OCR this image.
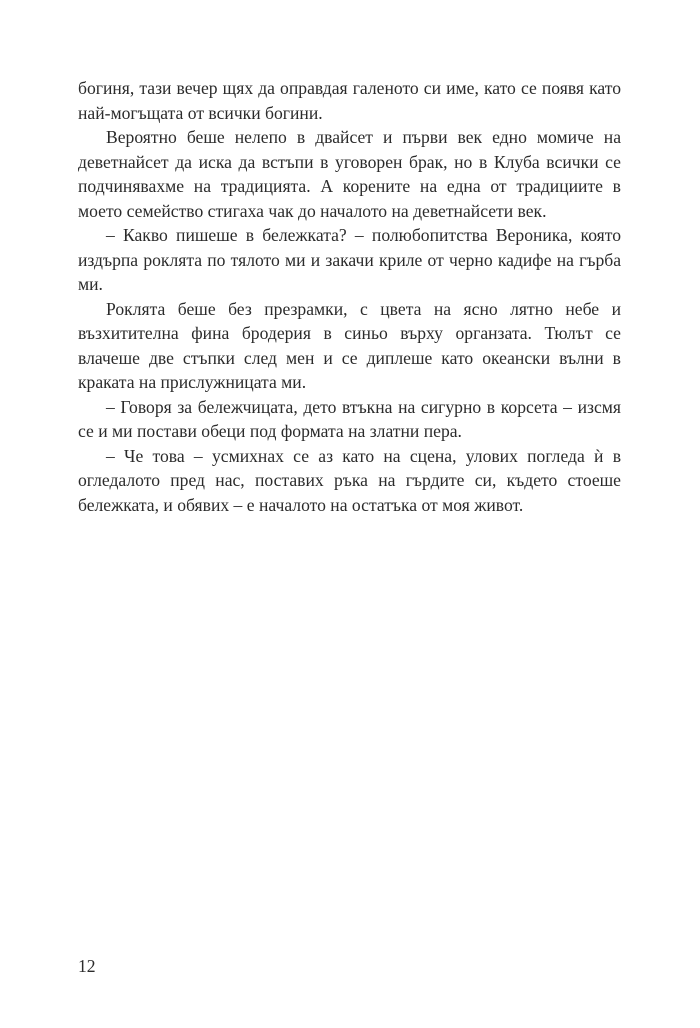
богиня, тази вечер щях да оправдая галеното си име, като се появя като най-могъщата от всички богини.

Вероятно беше нелепо в двайсет и първи век едно момиче на деветнайсет да иска да встъпи в уговорен брак, но в Клуба всички се подчинявахме на традицията. А корените на една от традициите в моето семейство стигаха чак до началото на деветнайсети век.

– Какво пишеше в бележката? – полюбопитства Вероника, която издърпа роклята по тялото ми и закачи криле от черно кадифе на гърба ми.

Роклята беше без презрамки, с цвета на ясно лятно небе и възхитителна фина бродерия в синьо върху органзата. Тюлът се влачеше две стъпки след мен и се диплеше като океански вълни в краката на прислужницата ми.

– Говоря за бележчицата, дето втъкна на сигурно в корсета – изсмя се и ми постави обеци под формата на златни пера.

– Че това – усмихнах се аз като на сцена, улових погледа ѝ в огледалото пред нас, поставих ръка на гърдите си, където стоеше бележката, и обявих – е началото на остатъка от моя живот.

12
